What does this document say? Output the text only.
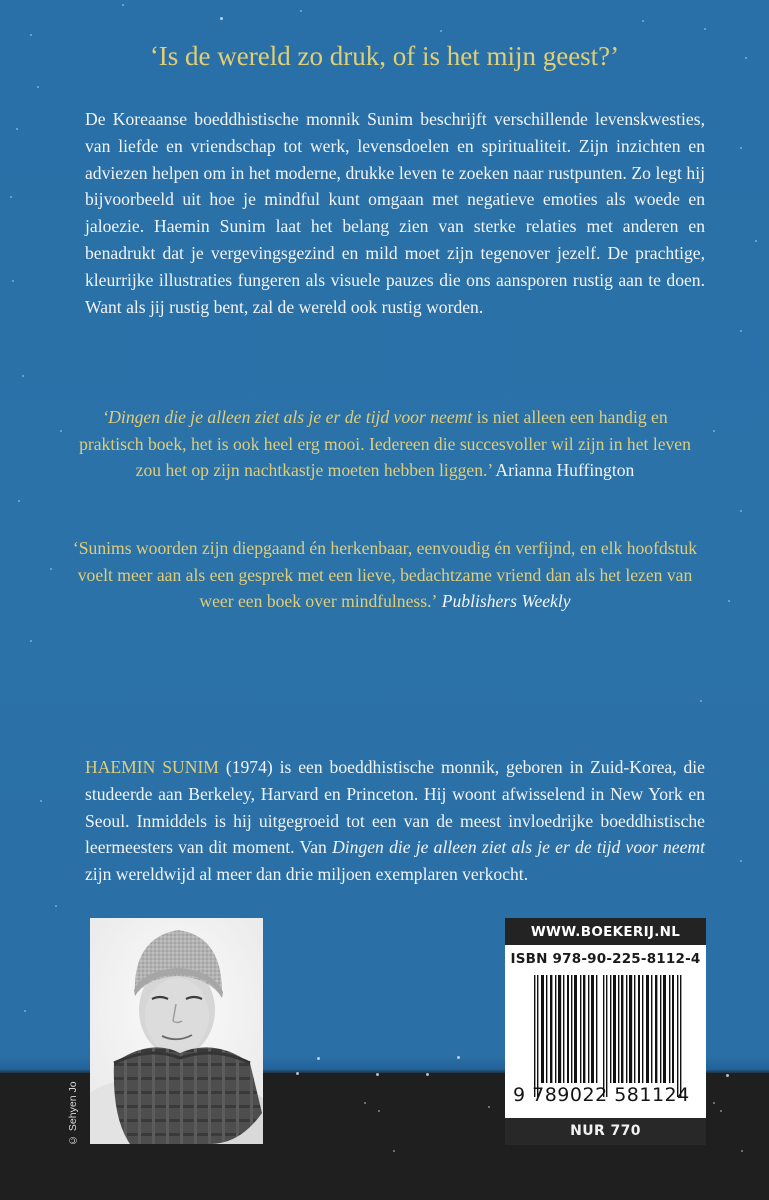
‘Is de wereld zo druk, of is het mijn geest?’

De Koreaanse boeddhistische monnik Sunim beschrijft verschillende levenskwesties, van liefde en vriendschap tot werk, levensdoelen en spiritualiteit. Zijn inzichten en adviezen helpen om in het moderne, drukke leven te zoeken naar rustpunten. Zo legt hij bijvoorbeeld uit hoe je mindful kunt omgaan met negatieve emoties als woede en jaloezie. Haemin Sunim laat het belang zien van sterke relaties met anderen en benadrukt dat je vergevingsgezind en mild moet zijn tegenover jezelf. De prachtige, kleurrijke illustraties fungeren als visuele pauzes die ons aansporen rustig aan te doen. Want als jij rustig bent, zal de wereld ook rustig worden.

‘Dingen die je alleen ziet als je er de tijd voor neemt is niet alleen een handig en praktisch boek, het is ook heel erg mooi. Iedereen die succesvoller wil zijn in het leven zou het op zijn nachtkastje moeten hebben liggen.’ Arianna Huffington

‘Sunims woorden zijn diepgaand én herkenbaar, eenvoudig én verfijnd, en elk hoofdstuk voelt meer aan als een gesprek met een lieve, bedachtzame vriend dan als het lezen van weer een boek over mindfulness.’ Publishers Weekly

HAEMIN SUNIM (1974) is een boeddhistische monnik, geboren in Zuid-Korea, die studeerde aan Berkeley, Harvard en Princeton. Hij woont afwisselend in New York en Seoul. Inmiddels is hij uitgegroeid tot een van de meest invloedrijke boeddhistische leermeesters van dit moment. Van Dingen die je alleen ziet als je er de tijd voor neemt zijn wereldwijd al meer dan drie miljoen exemplaren verkocht.

© Sehyen Jo
WWW.BOEKERIJ.NL
ISBN 978-90-225-8112-4
9 789022 581124
NUR 770
